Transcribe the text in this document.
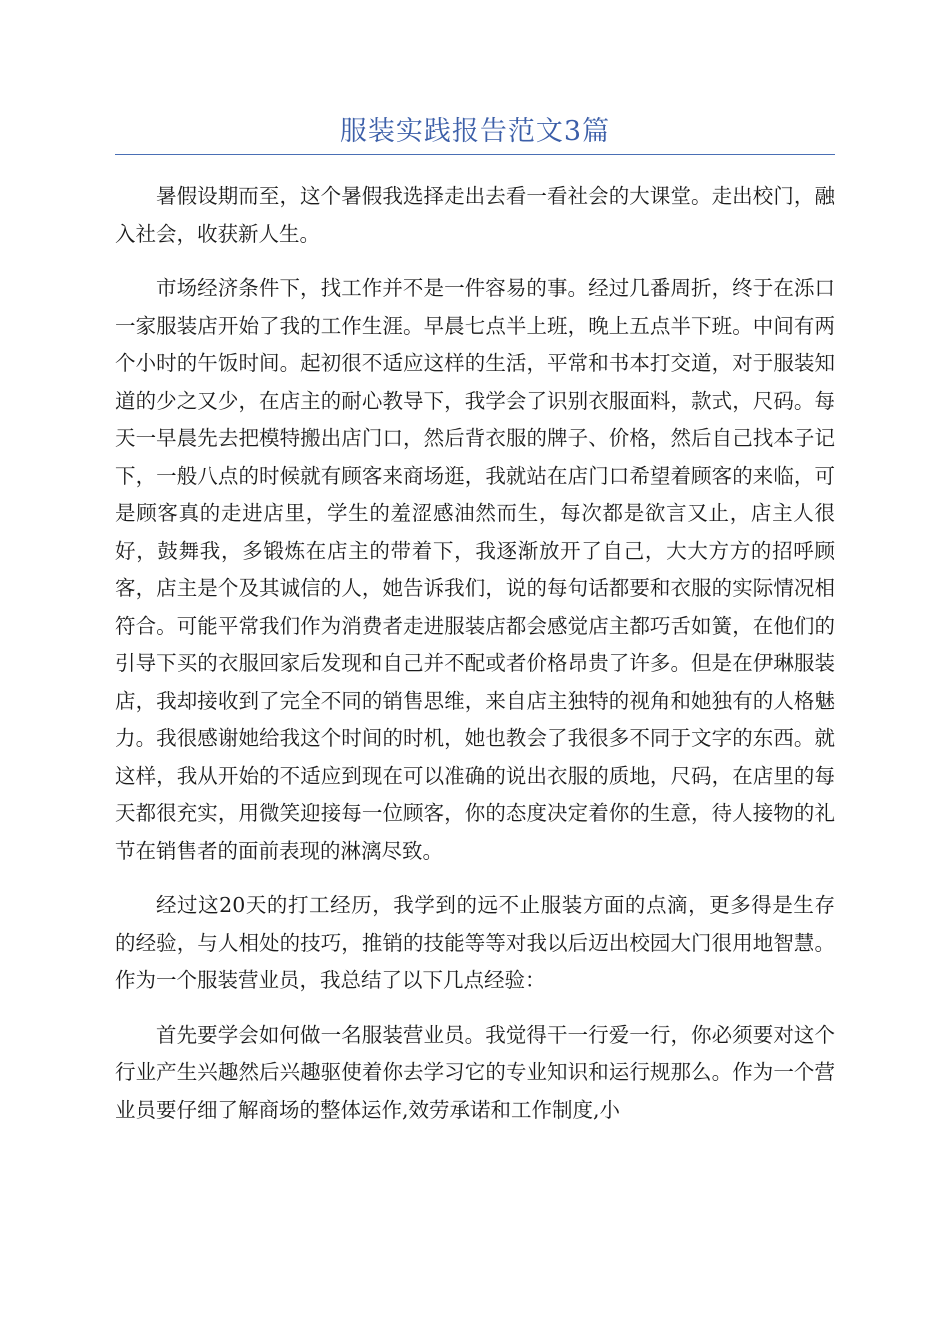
服装实践报告范文3篇

暑假设期而至，这个暑假我选择走出去看一看社会的大课堂。走出校门，融入社会，收获新人生。

市场经济条件下，找工作并不是一件容易的事。经过几番周折，终于在泺口一家服装店开始了我的工作生涯。早晨七点半上班，晚上五点半下班。中间有两个小时的午饭时间。起初很不适应这样的生活，平常和书本打交道，对于服装知道的少之又少，在店主的耐心教导下，我学会了识别衣服面料，款式，尺码。每天一早晨先去把模特搬出店门口，然后背衣服的牌子、价格，然后自己找本子记下，一般八点的时候就有顾客来商场逛，我就站在店门口希望着顾客的来临，可是顾客真的走进店里，学生的羞涩感油然而生，每次都是欲言又止，店主人很好，鼓舞我，多锻炼在店主的带着下，我逐渐放开了自己，大大方方的招呼顾客，店主是个及其诚信的人，她告诉我们，说的每句话都要和衣服的实际情况相符合。可能平常我们作为消费者走进服装店都会感觉店主都巧舌如簧，在他们的引导下买的衣服回家后发现和自己并不配或者价格昂贵了许多。但是在伊琳服装店，我却接收到了完全不同的销售思维，来自店主独特的视角和她独有的人格魅力。我很感谢她给我这个时间的时机，她也教会了我很多不同于文字的东西。就这样，我从开始的不适应到现在可以准确的说出衣服的质地，尺码，在店里的每天都很充实，用微笑迎接每一位顾客，你的态度决定着你的生意，待人接物的礼节在销售者的面前表现的淋漓尽致。

经过这20天的打工经历，我学到的远不止服装方面的点滴，更多得是生存的经验，与人相处的技巧，推销的技能等等对我以后迈出校园大门很用地智慧。作为一个服装营业员，我总结了以下几点经验：

首先要学会如何做一名服装营业员。我觉得干一行爱一行，你必须要对这个行业产生兴趣然后兴趣驱使着你去学习它的专业知识和运行规那么。作为一个营业员要仔细了解商场的整体运作,效劳承诺和工作制度,小
